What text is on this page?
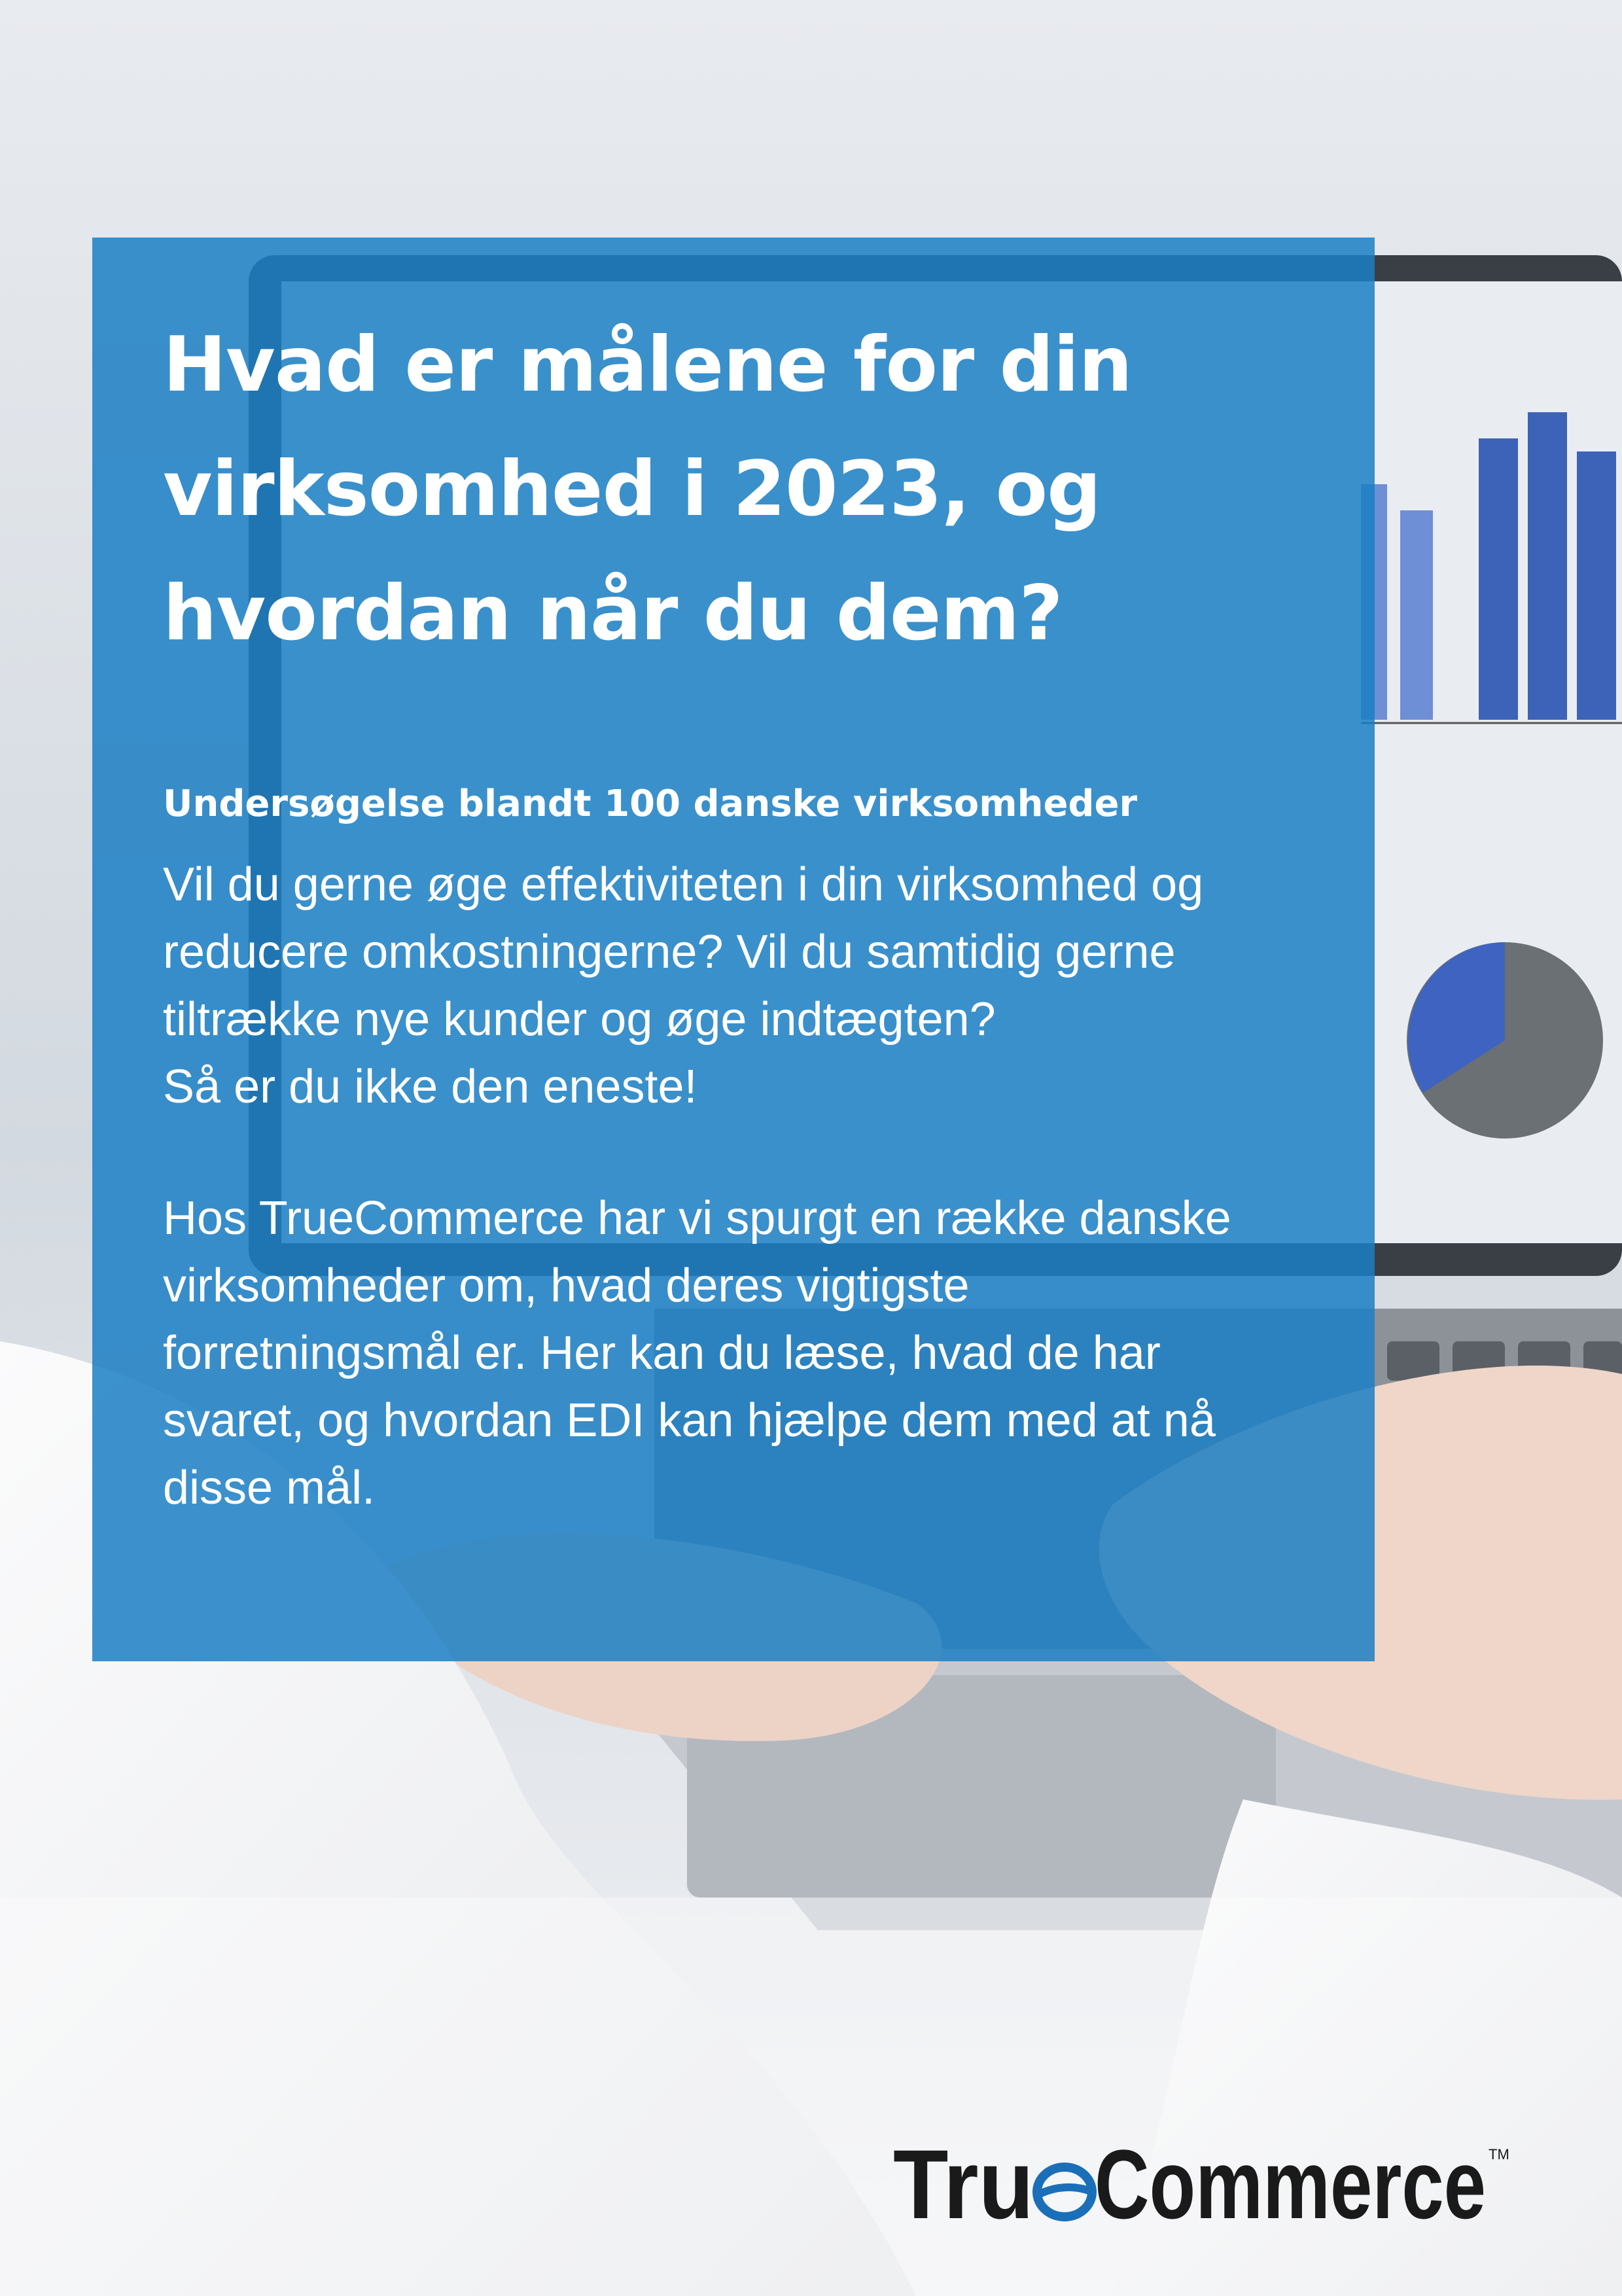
Hvad er målene for din
virksomhed i 2023, og
hvordan når du dem?

Undersøgelse blandt 100 danske virksomheder

Vil du gerne øge effektiviteten i din virksomhed og
reducere omkostningerne? Vil du samtidig gerne
tiltrække nye kunder og øge indtægten?
Så er du ikke den eneste!

Hos TrueCommerce har vi spurgt en række danske
virksomheder om, hvad deres vigtigste
forretningsmål er. Her kan du læse, hvad de har
svaret, og hvordan EDI kan hjælpe dem med at nå
disse mål.

Tru Commerce TM
